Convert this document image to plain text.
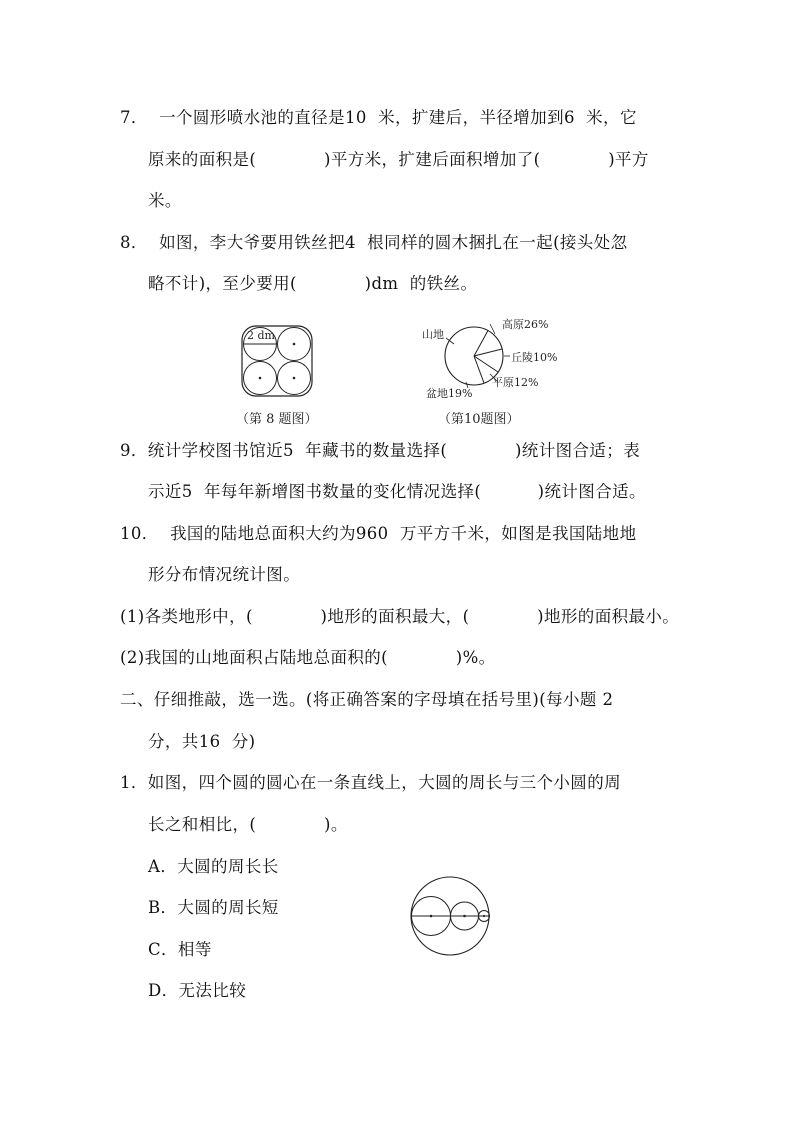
7．  一个圆形喷水池的直径是10  米，扩建后，半径增加到6  米，它
原来的面积是(            )平方米，扩建后面积增加了(            )平方
米。
8．  如图，李大爷要用铁丝把4  根同样的圆木捆扎在一起(接头处忽
略不计)，至少要用(            )dm  的铁丝。
2 dm
（第 8 题图）
山地
高原26%
丘陵10%
平原12%
盆地19%
（第10题图）
9．统计学校图书馆近5  年藏书的数量选择(            )统计图合适；表
示近5  年每年新增图书数量的变化情况选择(          )统计图合适。
10．  我国的陆地总面积大约为960  万平方千米，如图是我国陆地地
形分布情况统计图。
(1)各类地形中，(            )地形的面积最大，(            )地形的面积最小。
(2)我国的山地面积占陆地总面积的(            )%。
二、仔细推敲，选一选。(将正确答案的字母填在括号里)(每小题 2
分，共16  分)
1．如图，四个圆的圆心在一条直线上，大圆的周长与三个小圆的周
长之和相比，(            )。
A．大圆的周长长
B．大圆的周长短
C．相等
D．无法比较
